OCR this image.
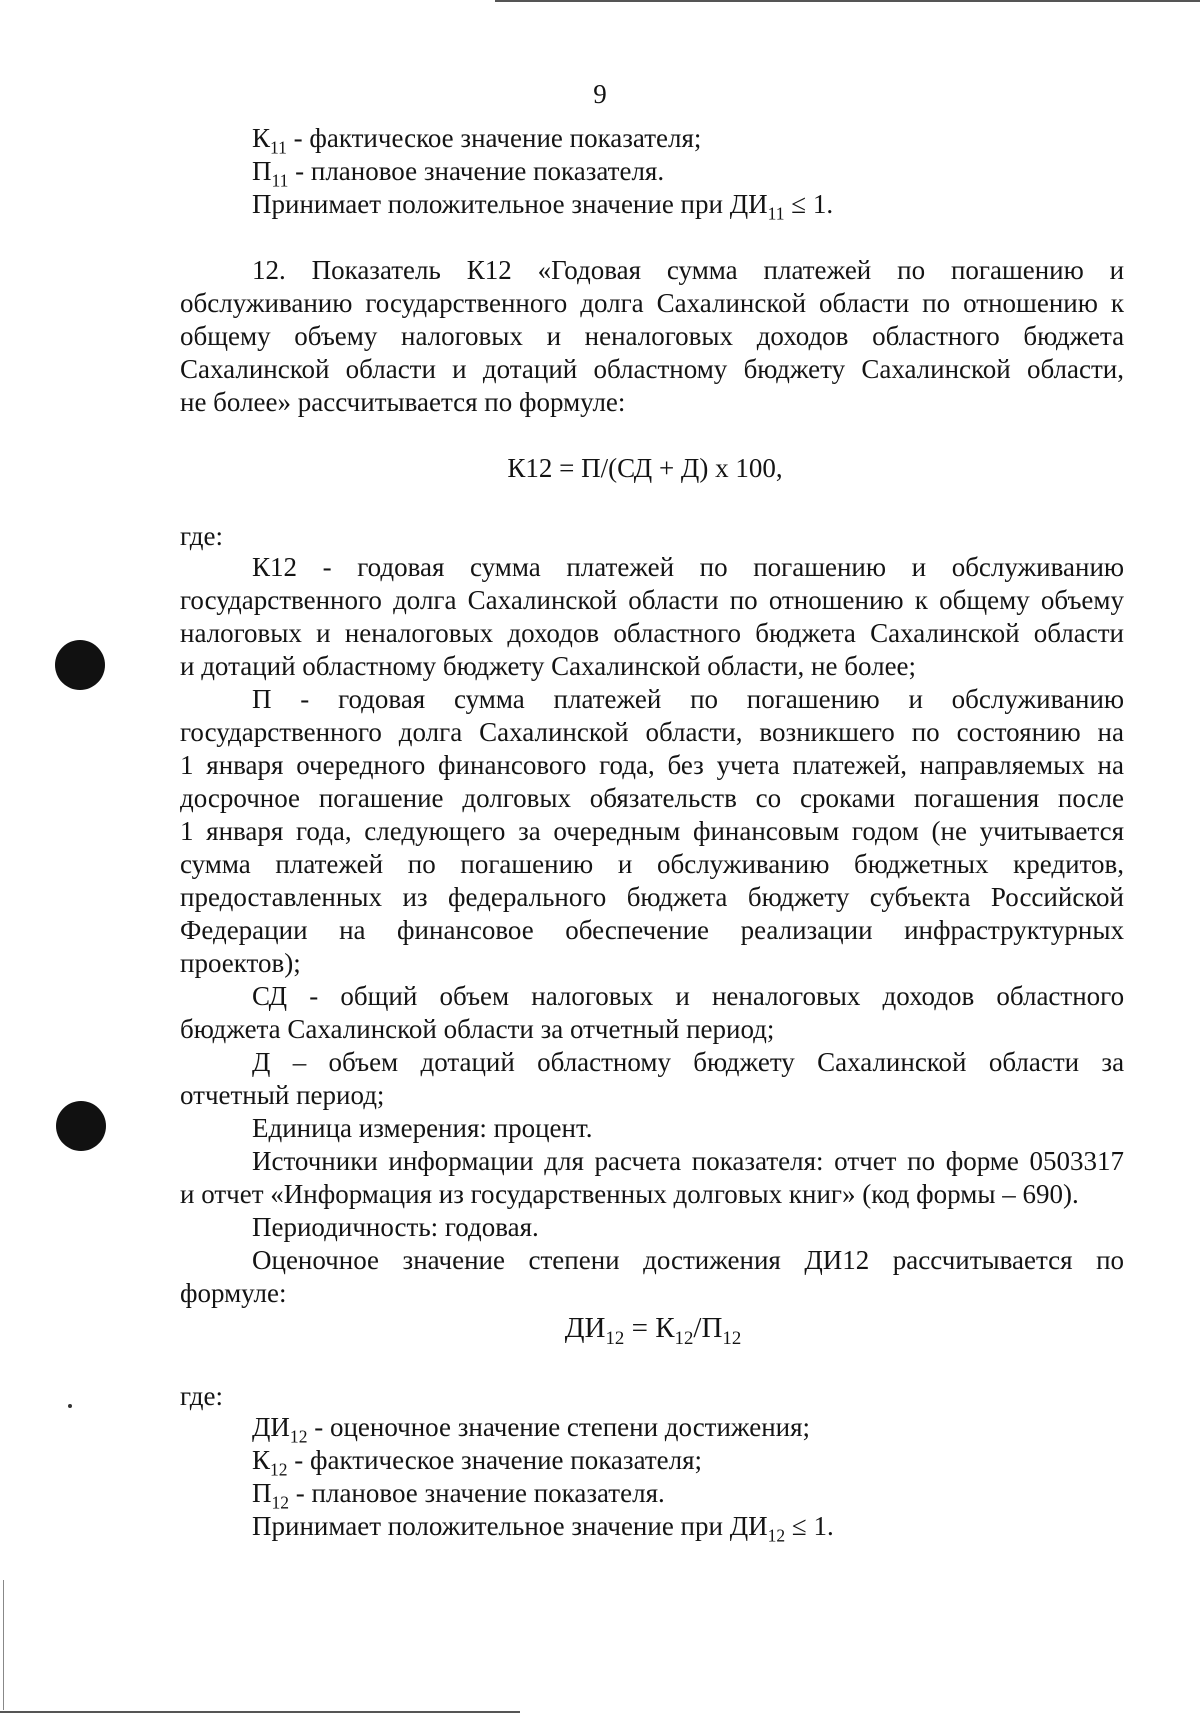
9
$К_{11}$ - фактическое значение показателя;
$П_{11}$ - плановое значение показателя.
Принимает положительное значение при $ДИ_{11} \le 1$.
12. Показатель К12 «Годовая сумма платежей по погашению и
обслуживанию государственного долга Сахалинской области по отношению к
общему объему налоговых и неналоговых доходов областного бюджета
Сахалинской области и дотаций областному бюджету Сахалинской области,
не более» рассчитывается по формуле:
К12 = П/(СД + Д) х 100,
где:
К12 - годовая сумма платежей по погашению и обслуживанию
государственного долга Сахалинской области по отношению к общему объему
налоговых и неналоговых доходов областного бюджета Сахалинской области
и дотаций областному бюджету Сахалинской области, не более;
П - годовая сумма платежей по погашению и обслуживанию
государственного долга Сахалинской области, возникшего по состоянию на
1 января очередного финансового года, без учета платежей, направляемых на
досрочное погашение долговых обязательств со сроками погашения после
1 января года, следующего за очередным финансовым годом (не учитывается
сумма платежей по погашению и обслуживанию бюджетных кредитов,
предоставленных из федерального бюджета бюджету субъекта Российской
Федерации на финансовое обеспечение реализации инфраструктурных
проектов);
СД - общий объем налоговых и неналоговых доходов областного
бюджета Сахалинской области за отчетный период;
Д – объем дотаций областному бюджету Сахалинской области за
отчетный период;
Единица измерения: процент.
Источники информации для расчета показателя: отчет по форме 0503317
и отчет «Информация из государственных долговых книг» (код формы – 690).
Периодичность: годовая.
Оценочное значение степени достижения ДИ12 рассчитывается по
формуле:
$ДИ_{12} = К_{12}/П_{12}$
где:
$ДИ_{12}$ - оценочное значение степени достижения;
$К_{12}$ - фактическое значение показателя;
$П_{12}$ - плановое значение показателя.
Принимает положительное значение при $ДИ_{12} \le 1$.
